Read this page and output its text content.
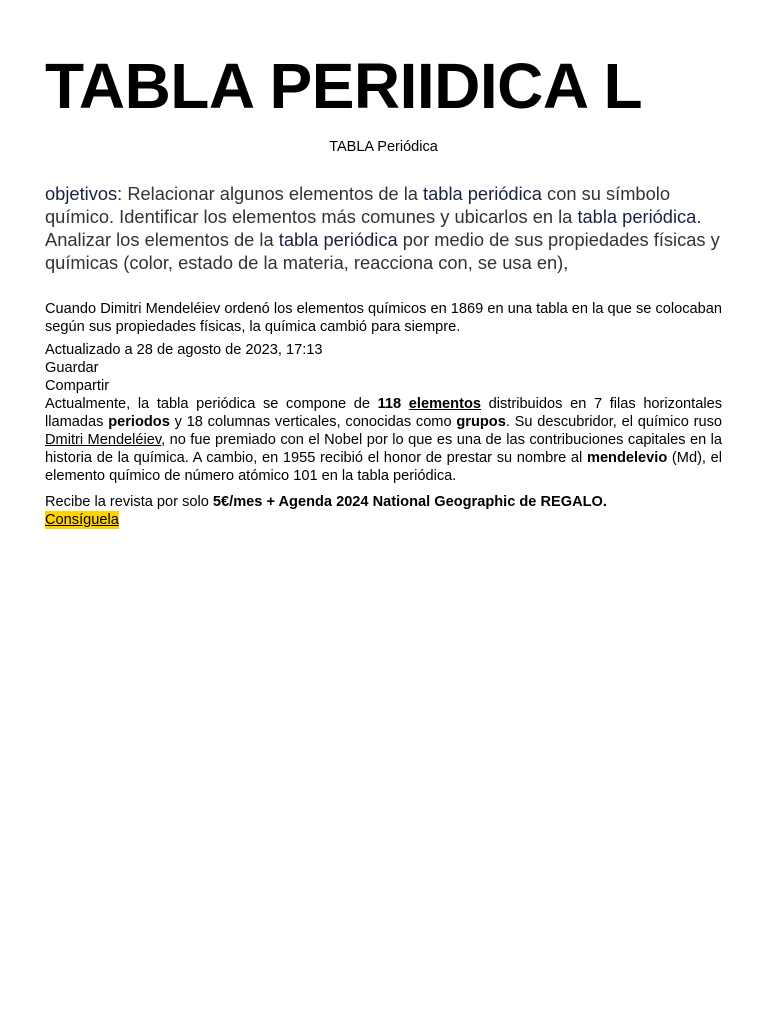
TABLA PERIIDICA L

TABLA Periódica

objetivos: Relacionar algunos elementos de la tabla periódica con su símbolo químico. Identificar los elementos más comunes y ubicarlos en la tabla periódica. Analizar los elementos de la tabla periódica por medio de sus propiedades físicas y químicas (color, estado de la materia, reacciona con, se usa en),

Cuando Dimitri Mendeléiev ordenó los elementos químicos en 1869 en una tabla en la que se colocaban según sus propiedades físicas, la química cambió para siempre.

Actualizado a 28 de agosto de 2023, 17:13

Guardar

Compartir

Actualmente, la tabla periódica se compone de 118 elementos distribuidos en 7 filas horizontales llamadas periodos y 18 columnas verticales, conocidas como grupos. Su descubridor, el químico ruso Dmitri Mendeléiev, no fue premiado con el Nobel por lo que es una de las contribuciones capitales en la historia de la química. A cambio, en 1955 recibió el honor de prestar su nombre al mendelevio (Md), el elemento químico de número atómico 101 en la tabla periódica.

Recibe la revista por solo 5€/mes + Agenda 2024 National Geographic de REGALO.

Consíguela
